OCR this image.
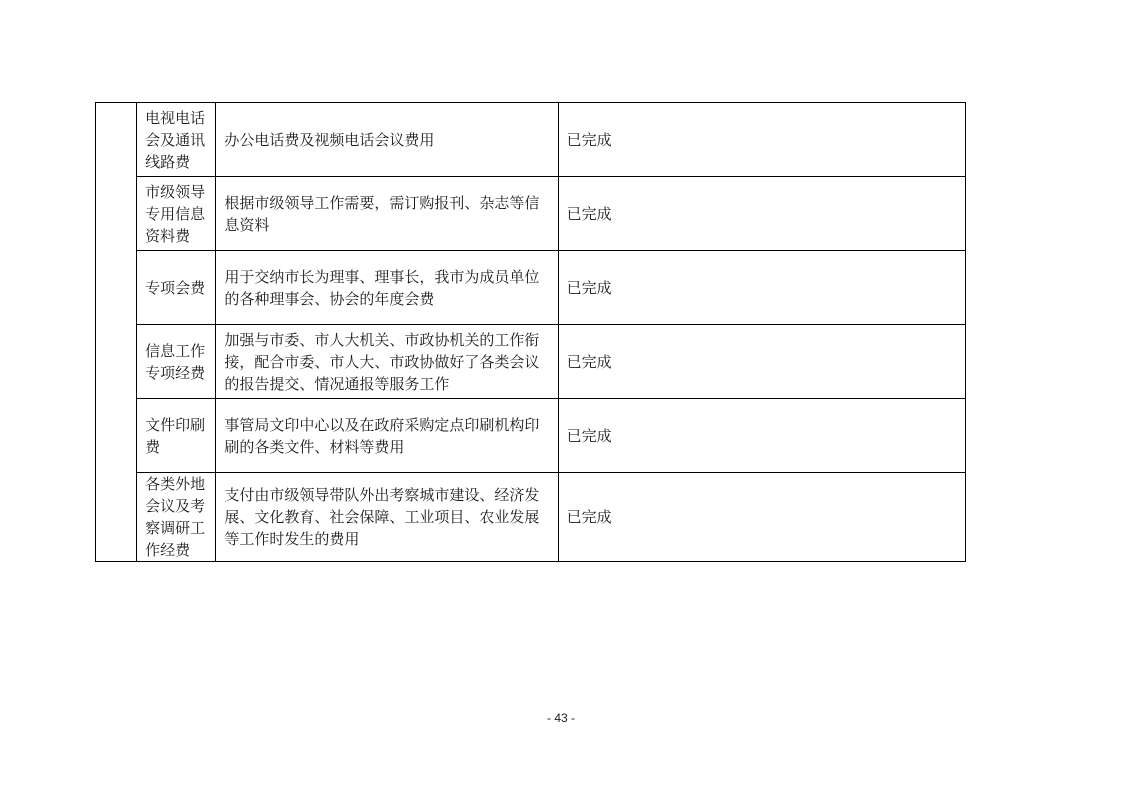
	电视电话会及通讯线路费	办公电话费及视频电话会议费用	已完成
	市级领导专用信息资料费	根据市级领导工作需要，需订购报刊、杂志等信息资料	已完成
	专项会费	用于交纳市长为理事、理事长，我市为成员单位的各种理事会、协会的年度会费	已完成
	信息工作专项经费	加强与市委、市人大机关、市政协机关的工作衔接，配合市委、市人大、市政协做好了各类会议的报告提交、情况通报等服务工作	已完成
	文件印刷费	事管局文印中心以及在政府采购定点印刷机构印刷的各类文件、材料等费用	已完成
	各类外地会议及考察调研工作经费	支付由市级领导带队外出考察城市建设、经济发展、文化教育、社会保障、工业项目、农业发展等工作时发生的费用	已完成
- 43 -
